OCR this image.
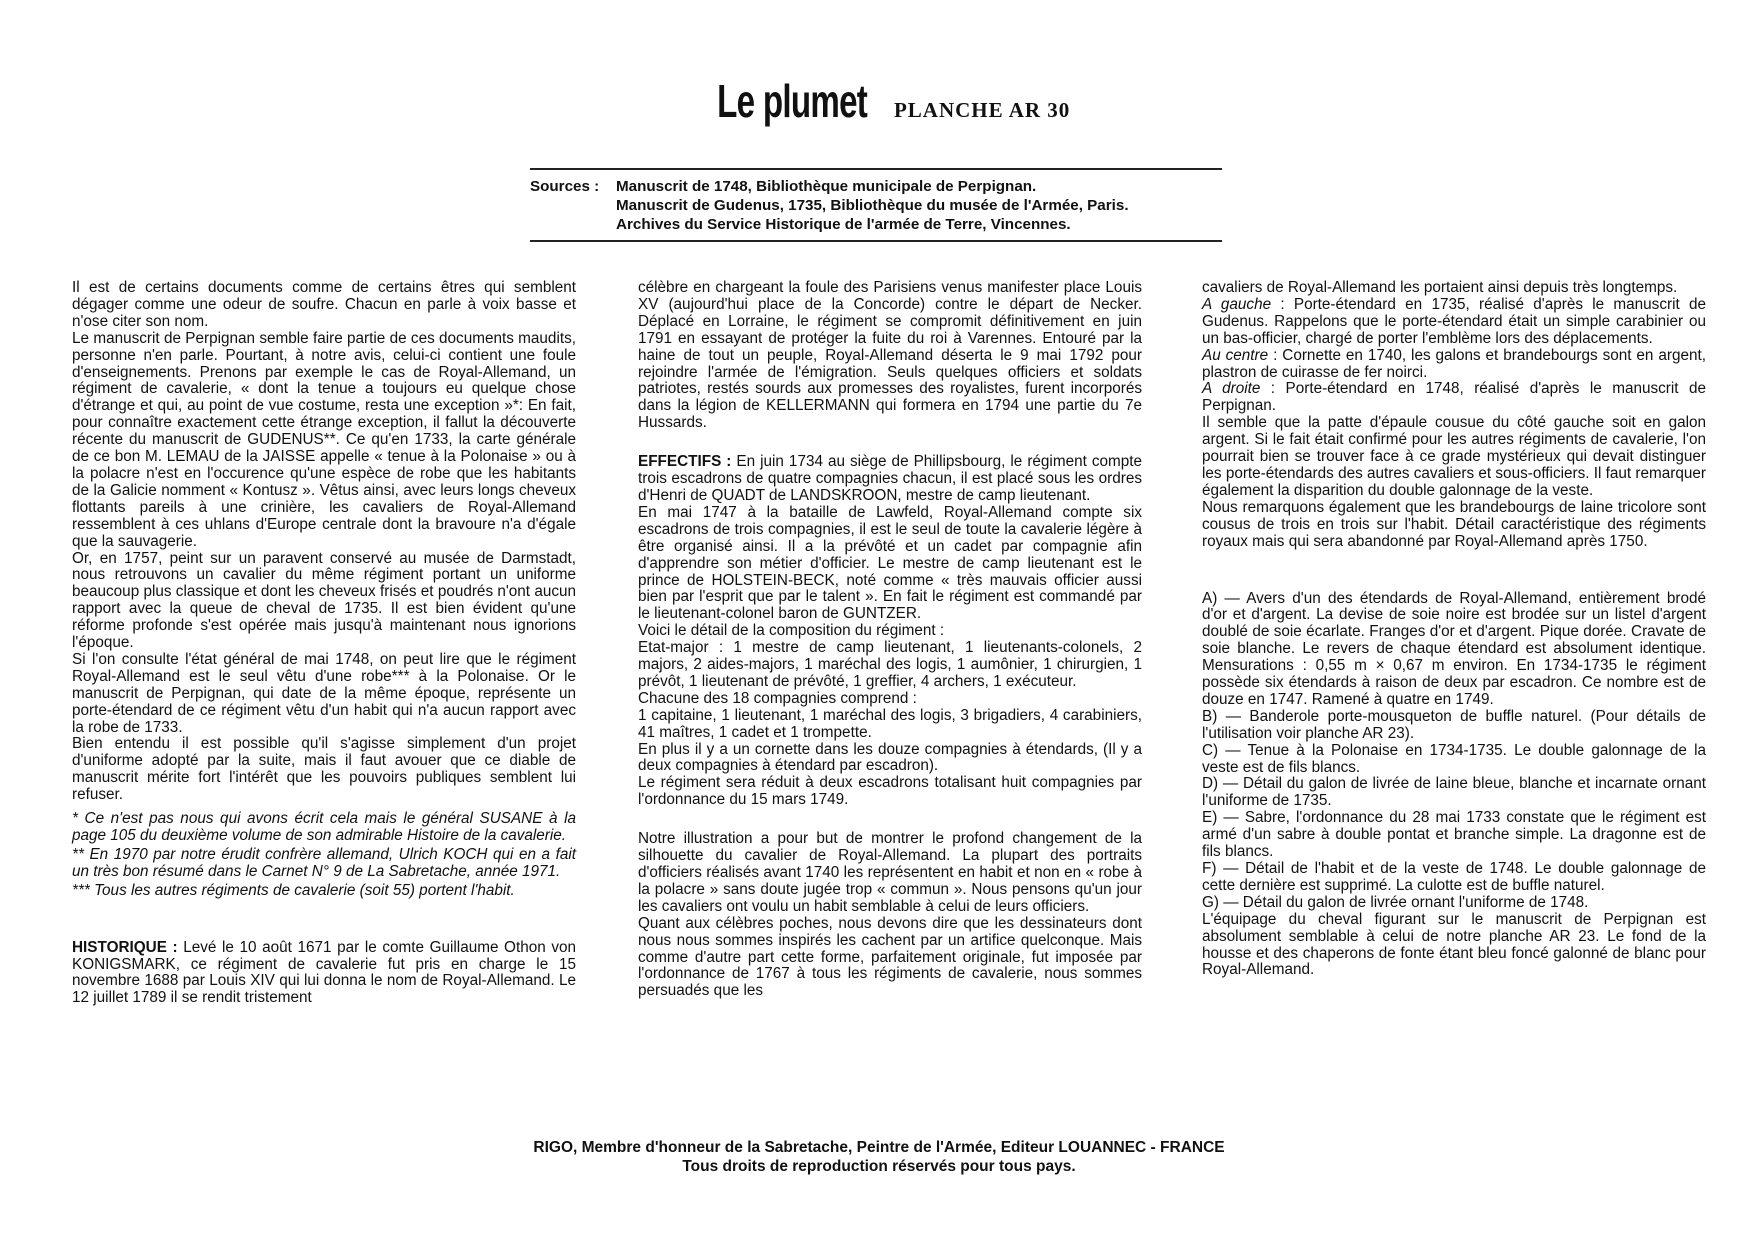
Le plumet PLANCHE AR 30
Sources :	Manuscrit de 1748, Bibliothèque municipale de Perpignan.
Manuscrit de Gudenus, 1735, Bibliothèque du musée de l'Armée, Paris.
Archives du Service Historique de l'armée de Terre, Vincennes.

Il est de certains documents comme de certains êtres qui semblent dégager comme une odeur de soufre. Chacun en parle à voix basse et n'ose citer son nom.

Le manuscrit de Perpignan semble faire partie de ces documents maudits, personne n'en parle. Pourtant, à notre avis, celui-ci contient une foule d'enseignements. Prenons par exemple le cas de Royal-Allemand, un régiment de cavalerie, « dont la tenue a toujours eu quelque chose d'étrange et qui, au point de vue costume, resta une exception »*: En fait, pour connaître exactement cette étrange exception, il fallut la découverte récente du manuscrit de GUDENUS**. Ce qu'en 1733, la carte générale de ce bon M. LEMAU de la JAISSE appelle « tenue à la Polonaise » ou à la polacre n'est en l'occurence qu'une espèce de robe que les habitants de la Galicie nomment « Kontusz ». Vêtus ainsi, avec leurs longs cheveux flottants pareils à une crinière, les cavaliers de Royal-Allemand ressemblent à ces uhlans d'Europe centrale dont la bravoure n'a d'égale que la sauvagerie.

Or, en 1757, peint sur un paravent conservé au musée de Darmstadt, nous retrouvons un cavalier du même régiment portant un uniforme beaucoup plus classique et dont les cheveux frisés et poudrés n'ont aucun rapport avec la queue de cheval de 1735. Il est bien évident qu'une réforme profonde s'est opérée mais jusqu'à maintenant nous ignorions l'époque.

Si l'on consulte l'état général de mai 1748, on peut lire que le régiment Royal-Allemand est le seul vêtu d'une robe*** à la Polonaise. Or le manuscrit de Perpignan, qui date de la même époque, représente un porte-étendard de ce régiment vêtu d'un habit qui n'a aucun rapport avec la robe de 1733.

Bien entendu il est possible qu'il s'agisse simplement d'un projet d'uniforme adopté par la suite, mais il faut avouer que ce diable de manuscrit mérite fort l'intérêt que les pouvoirs publiques semblent lui refuser.

* Ce n'est pas nous qui avons écrit cela mais le général SUSANE à la page 105 du deuxième volume de son admirable Histoire de la cavalerie.

** En 1970 par notre érudit confrère allemand, Ulrich KOCH qui en a fait un très bon résumé dans le Carnet N° 9 de La Sabretache, année 1971.

*** Tous les autres régiments de cavalerie (soit 55) portent l'habit.

HISTORIQUE : Levé le 10 août 1671 par le comte Guillaume Othon von KONIGSMARK, ce régiment de cavalerie fut pris en charge le 15 novembre 1688 par Louis XIV qui lui donna le nom de Royal-Allemand. Le 12 juillet 1789 il se rendit tristement

célèbre en chargeant la foule des Parisiens venus manifester place Louis XV (aujourd'hui place de la Concorde) contre le départ de Necker. Déplacé en Lorraine, le régiment se compromit définitivement en juin 1791 en essayant de protéger la fuite du roi à Varennes. Entouré par la haine de tout un peuple, Royal-Allemand déserta le 9 mai 1792 pour rejoindre l'armée de l'émigration. Seuls quelques officiers et soldats patriotes, restés sourds aux promesses des royalistes, furent incorporés dans la légion de KELLERMANN qui formera en 1794 une partie du 7e Hussards.

EFFECTIFS : En juin 1734 au siège de Phillipsbourg, le régiment compte trois escadrons de quatre compagnies chacun, il est placé sous les ordres d'Henri de QUADT de LANDSKROON, mestre de camp lieutenant.

En mai 1747 à la bataille de Lawfeld, Royal-Allemand compte six escadrons de trois compagnies, il est le seul de toute la cavalerie légère à être organisé ainsi. Il a la prévôté et un cadet par compagnie afin d'apprendre son métier d'officier. Le mestre de camp lieutenant est le prince de HOLSTEIN-BECK, noté comme « très mauvais officier aussi bien par l'esprit que par le talent ». En fait le régiment est commandé par le lieutenant-colonel baron de GUNTZER.

Voici le détail de la composition du régiment :

Etat-major : 1 mestre de camp lieutenant, 1 lieutenants-colonels, 2 majors, 2 aides-majors, 1 maréchal des logis, 1 aumônier, 1 chirurgien, 1 prévôt, 1 lieutenant de prévôté, 1 greffier, 4 archers, 1 exécuteur.

Chacune des 18 compagnies comprend :

1 capitaine, 1 lieutenant, 1 maréchal des logis, 3 brigadiers, 4 carabiniers, 41 maîtres, 1 cadet et 1 trompette.

En plus il y a un cornette dans les douze compagnies à étendards, (Il y a deux compagnies à étendard par escadron).

Le régiment sera réduit à deux escadrons totalisant huit compagnies par l'ordonnance du 15 mars 1749.

Notre illustration a pour but de montrer le profond changement de la silhouette du cavalier de Royal-Allemand. La plupart des portraits d'officiers réalisés avant 1740 les représentent en habit et non en « robe à la polacre » sans doute jugée trop « commun ». Nous pensons qu'un jour les cavaliers ont voulu un habit semblable à celui de leurs officiers.

Quant aux célèbres poches, nous devons dire que les dessinateurs dont nous nous sommes inspirés les cachent par un artifice quelconque. Mais comme d'autre part cette forme, parfaitement originale, fut imposée par l'ordonnance de 1767 à tous les régiments de cavalerie, nous sommes persuadés que les

cavaliers de Royal-Allemand les portaient ainsi depuis très longtemps.

A gauche : Porte-étendard en 1735, réalisé d'après le manuscrit de Gudenus. Rappelons que le porte-étendard était un simple carabinier ou un bas-officier, chargé de porter l'emblème lors des déplacements.

Au centre : Cornette en 1740, les galons et brandebourgs sont en argent, plastron de cuirasse de fer noirci.

A droite : Porte-étendard en 1748, réalisé d'après le manuscrit de Perpignan.

Il semble que la patte d'épaule cousue du côté gauche soit en galon argent. Si le fait était confirmé pour les autres régiments de cavalerie, l'on pourrait bien se trouver face à ce grade mystérieux qui devait distinguer les porte-étendards des autres cavaliers et sous-officiers. Il faut remarquer également la disparition du double galonnage de la veste.

Nous remarquons également que les brandebourgs de laine tricolore sont cousus de trois en trois sur l'habit. Détail caractéristique des régiments royaux mais qui sera abandonné par Royal-Allemand après 1750.

A) — Avers d'un des étendards de Royal-Allemand, entièrement brodé d'or et d'argent. La devise de soie noire est brodée sur un listel d'argent doublé de soie écarlate. Franges d'or et d'argent. Pique dorée. Cravate de soie blanche. Le revers de chaque étendard est absolument identique. Mensurations : 0,55 m × 0,67 m environ. En 1734-1735 le régiment possède six étendards à raison de deux par escadron. Ce nombre est de douze en 1747. Ramené à quatre en 1749.

B) — Banderole porte-mousqueton de buffle naturel. (Pour détails de l'utilisation voir planche AR 23).

C) — Tenue à la Polonaise en 1734-1735. Le double galonnage de la veste est de fils blancs.

D) — Détail du galon de livrée de laine bleue, blanche et incarnate ornant l'uniforme de 1735.

E) — Sabre, l'ordonnance du 28 mai 1733 constate que le régiment est armé d'un sabre à double pontat et branche simple. La dragonne est de fils blancs.

F) — Détail de l'habit et de la veste de 1748. Le double galonnage de cette dernière est supprimé. La culotte est de buffle naturel.

G) — Détail du galon de livrée ornant l'uniforme de 1748.

L'équipage du cheval figurant sur le manuscrit de Perpignan est absolument semblable à celui de notre planche AR 23. Le fond de la housse et des chaperons de fonte étant bleu foncé galonné de blanc pour Royal-Allemand.

RIGO, Membre d'honneur de la Sabretache, Peintre de l'Armée, Editeur LOUANNEC - FRANCE
Tous droits de reproduction réservés pour tous pays.
